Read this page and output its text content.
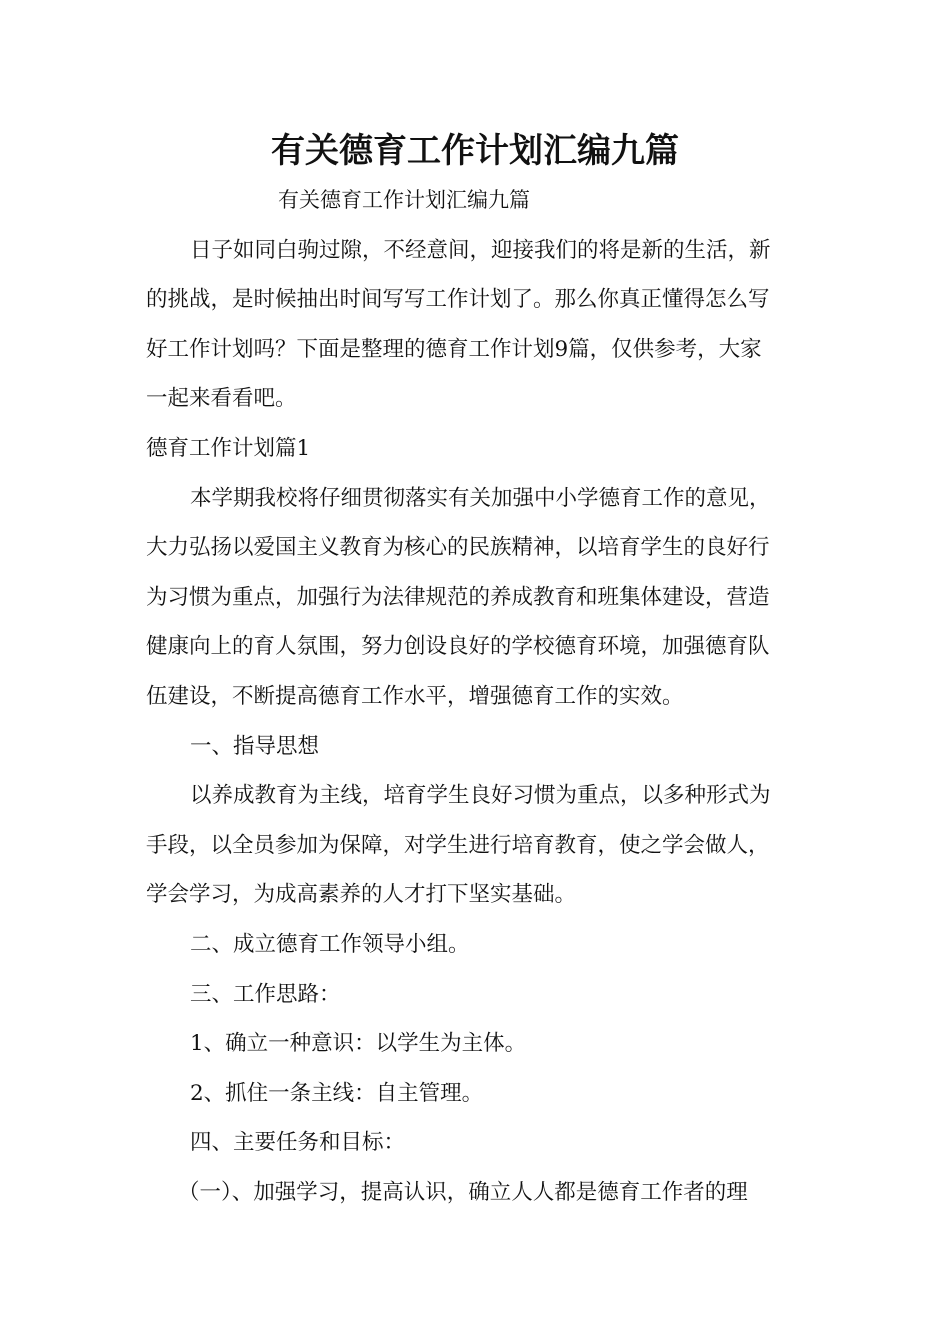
有关德育工作计划汇编九篇
有关德育工作计划汇编九篇
日子如同白驹过隙，不经意间，迎接我们的将是新的生活，新
的挑战，是时候抽出时间写写工作计划了。那么你真正懂得怎么写
好工作计划吗？下面是整理的德育工作计划9篇，仅供参考，大家
一起来看看吧。
德育工作计划篇1
本学期我校将仔细贯彻落实有关加强中小学德育工作的意见，
大力弘扬以爱国主义教育为核心的民族精神，以培育学生的良好行
为习惯为重点，加强行为法律规范的养成教育和班集体建设，营造
健康向上的育人氛围，努力创设良好的学校德育环境，加强德育队
伍建设，不断提高德育工作水平，增强德育工作的实效。
一、指导思想
以养成教育为主线，培育学生良好习惯为重点，以多种形式为
手段，以全员参加为保障，对学生进行培育教育，使之学会做人，
学会学习，为成高素养的人才打下坚实基础。
二、成立德育工作领导小组。
三、工作思路：
1、确立一种意识：以学生为主体。
2、抓住一条主线：自主管理。
四、主要任务和目标：
（一）、加强学习，提高认识，确立人人都是德育工作者的理
